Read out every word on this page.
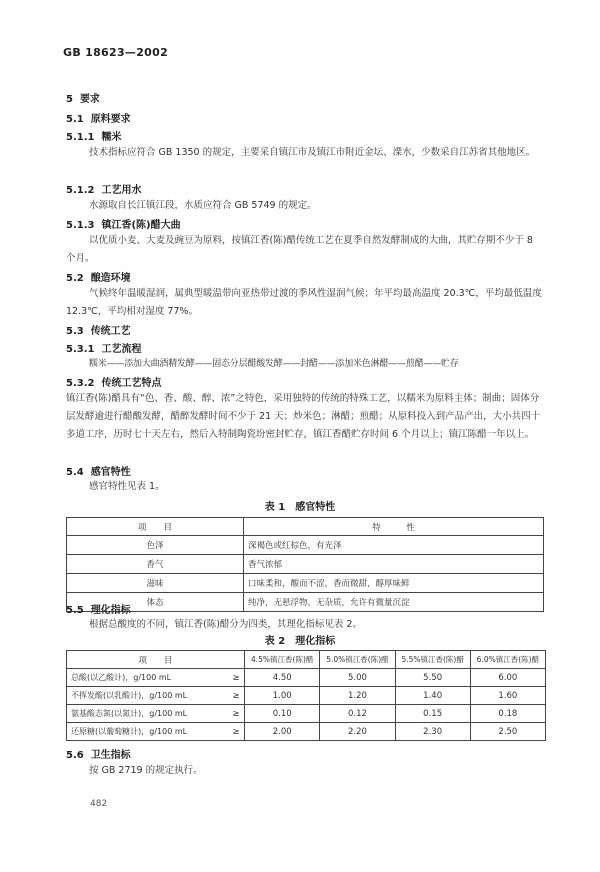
GB 18623—2002
5 要求
5.1 原料要求
5.1.1 糯米
技术指标应符合 GB 1350 的规定，主要采自镇江市及镇江市附近金坛、溧水，少数采自江苏省其他地区。
5.1.2 工艺用水
水源取自长江镇江段，水质应符合 GB 5749 的规定。
5.1.3 镇江香(陈)醋大曲
以优质小麦、大麦及豌豆为原料，按镇江香(陈)醋传统工艺在夏季自然发酵制成的大曲，其贮存期不少于 8 个月。
5.2 酿造环境
气候终年温暖湿润，属典型暖温带向亚热带过渡的季风性湿润气候；年平均最高温度 20.3℃，平均最低温度 12.3℃，平均相对湿度 77%。
5.3 传统工艺
5.3.1 工艺流程
糯米——添加大曲酒精发酵——固态分层醋酸发酵——封醋——添加米色淋醋——煎醋——贮存
5.3.2 传统工艺特点
镇江香(陈)醋具有“色、香、酸、醇、浓”之特色，采用独特的传统的特殊工艺，以糯米为原料主体；制曲；固体分层发酵逾进行醋酸发酵，醋醉发酵时间不少于 21 天；炒米色；淋醋；煎醋；从原料投入到产品产出，大小共四十多道工序，历时七十天左右，然后入特制陶瓷坋密封贮存，镇江香醋贮存时间 6 个月以上；镇江陈醋一年以上。
5.4 感官特性
感官特性见表 1。
表 1　感官特性
项　　目	特　　　性
色泽	深褐色或红棕色，有光泽
香气	香气浓郁
滋味	口味柔和，酸而不涩，香而微甜，醇厚味鲜
体态	纯净，无悬浮物，无杂质，允许有微量沉淀
5.5 理化指标
根据总酸度的不同，镇江香(陈)醋分为四类，其理化指标见表 2。
表 2　理化指标
项　　目		4.5%镇江香(陈)醋	5.0%镇江香(陈)醋	5.5%镇江香(陈)醋	6.0%镇江香(陈)醋
总酸(以乙酸计)，g/100 mL	≥	4.50	5.00	5.50	6.00
不挥发酸(以乳酸计)，g/100 mL	≥	1.00	1.20	1.40	1.60
氨基酸态氮(以氮计)，g/100 mL	≥	0.10	0.12	0.15	0.18
还原糖(以葡萄糖计)，g/100 mL	≥	2.00	2.20	2.30	2.50
5.6 卫生指标
按 GB 2719 的规定执行。
482
